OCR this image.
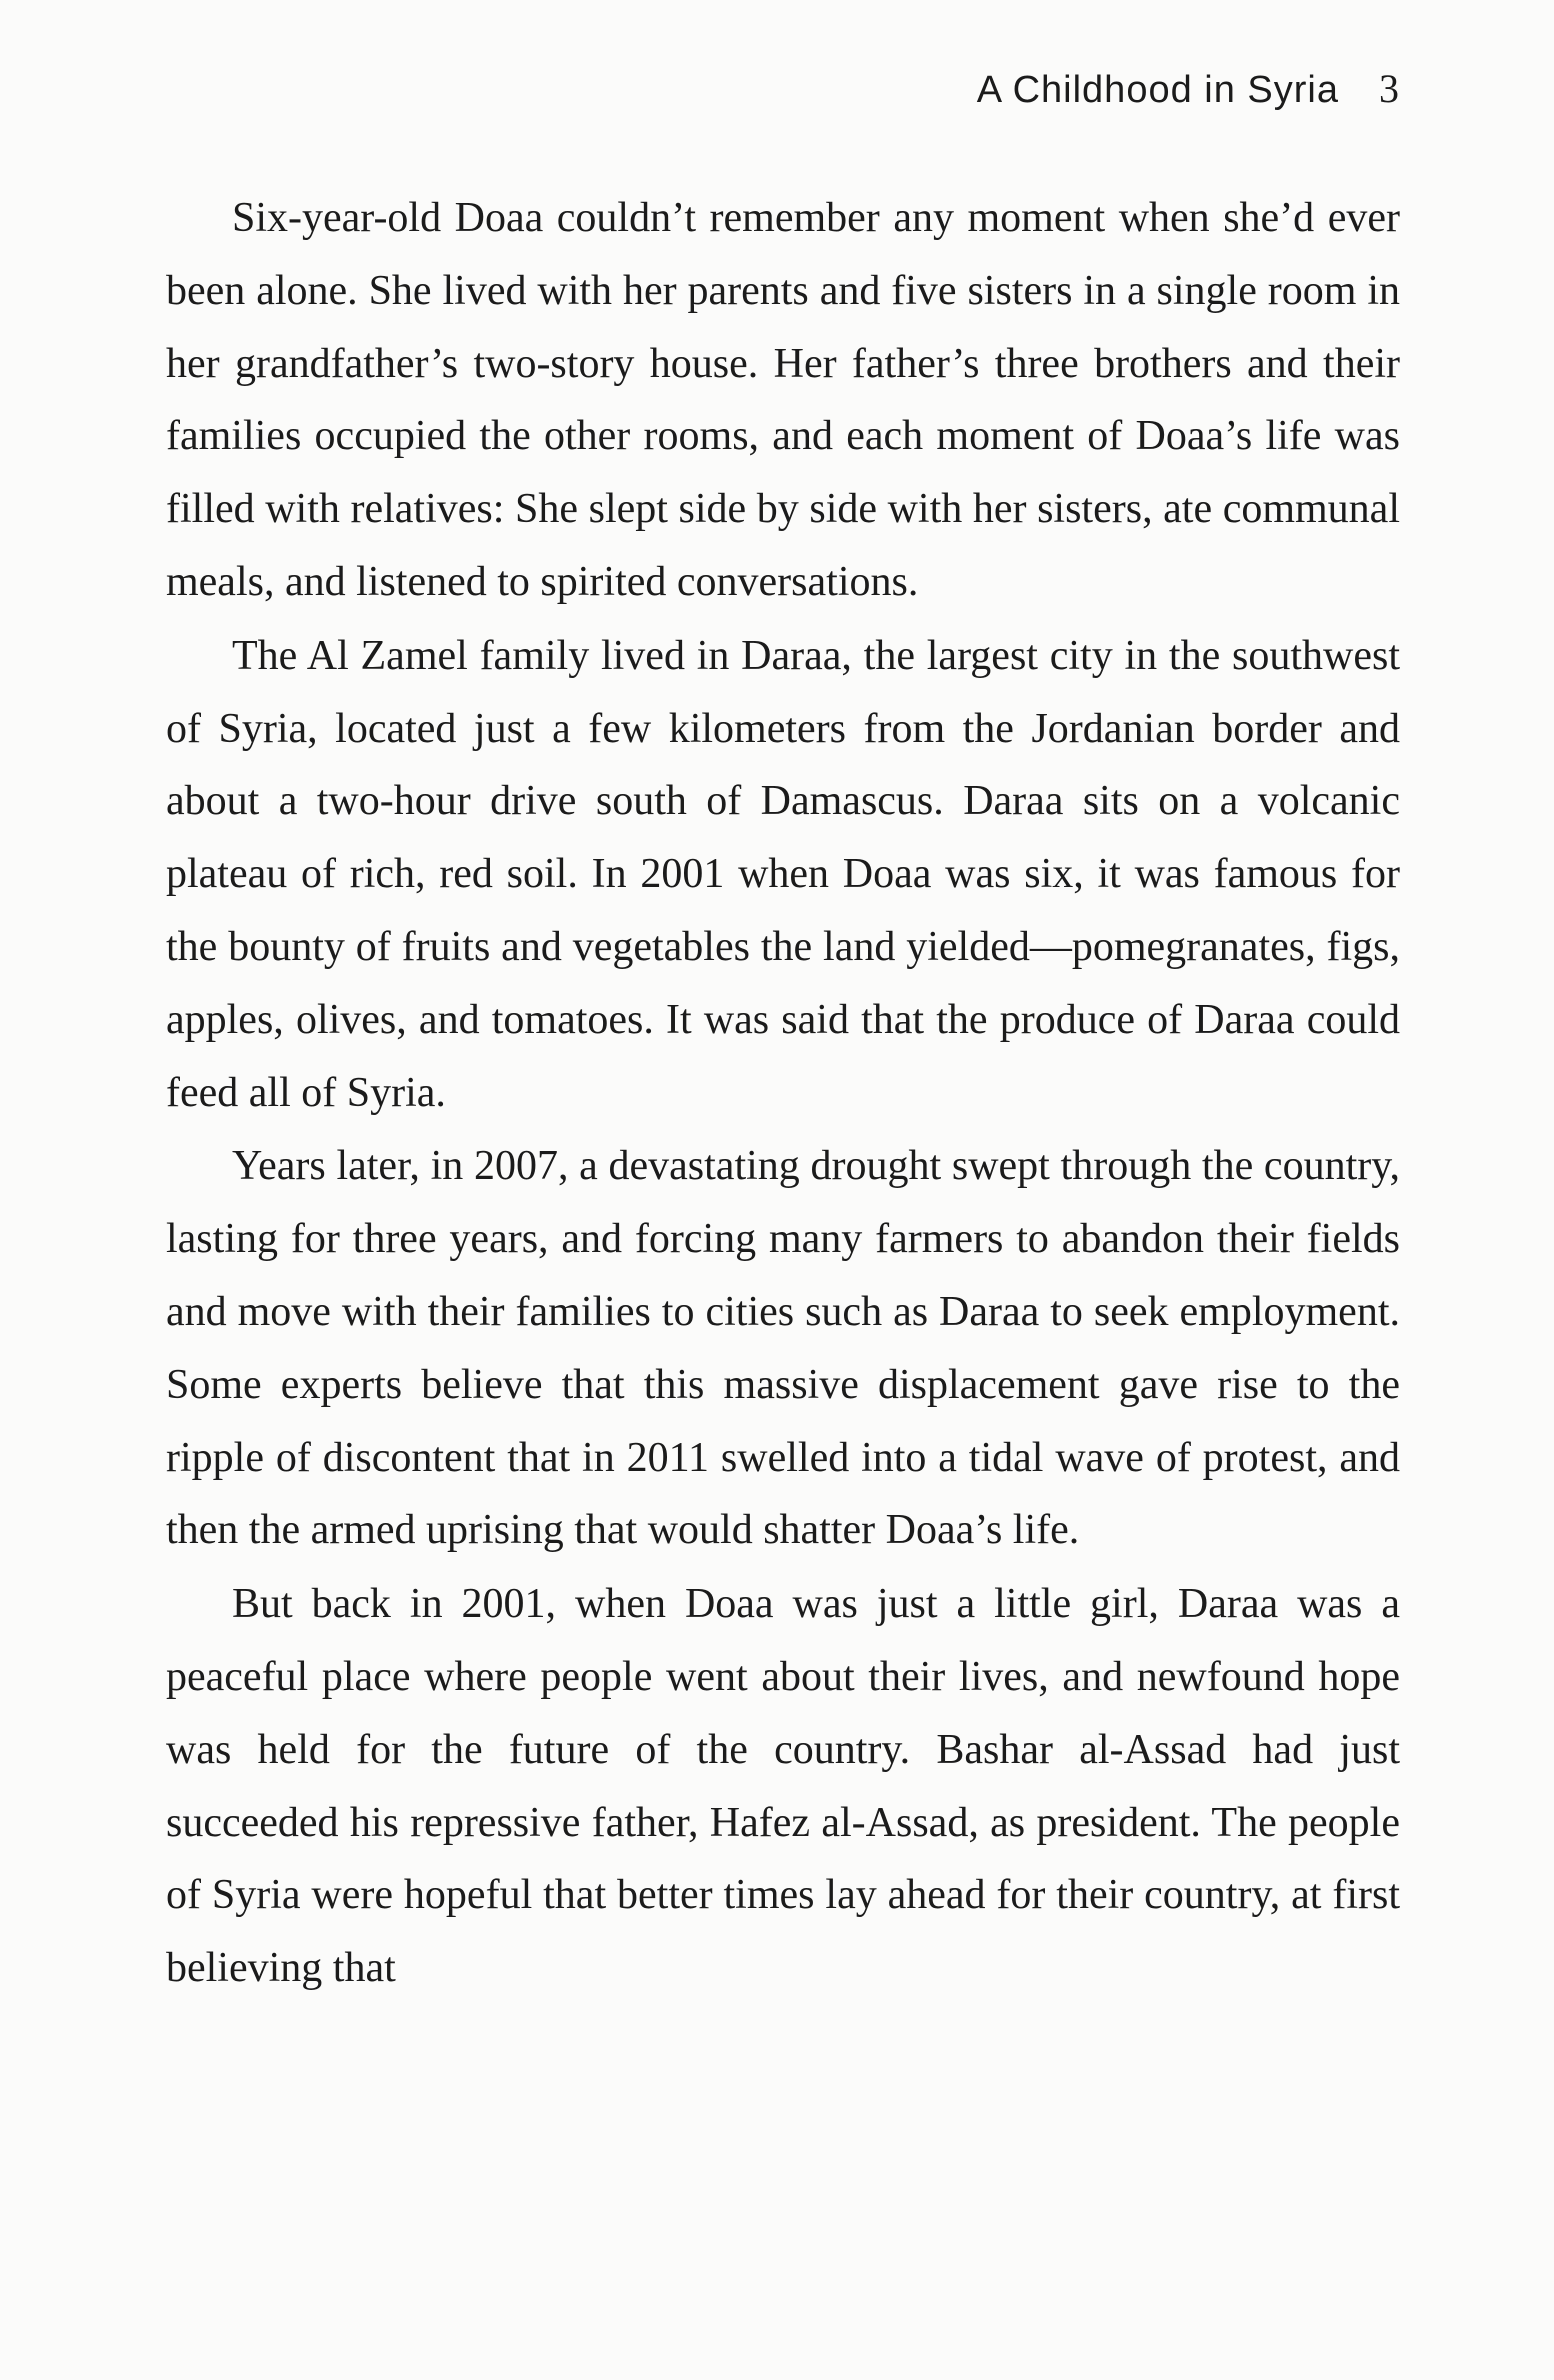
A Childhood in Syria 3

Six-year-old Doaa couldn’t remember any moment when she’d ever been alone. She lived with her parents and five sisters in a single room in her grandfather’s two-story house. Her father’s three brothers and their families occupied the other rooms, and each moment of Doaa’s life was filled with relatives: She slept side by side with her sisters, ate communal meals, and listened to spirited conversations.

The Al Zamel family lived in Daraa, the largest city in the southwest of Syria, located just a few kilometers from the Jordanian border and about a two-hour drive south of Damascus. Daraa sits on a volcanic plateau of rich, red soil. In 2001 when Doaa was six, it was famous for the bounty of fruits and vegetables the land yielded—pomegranates, figs, apples, olives, and tomatoes. It was said that the produce of Daraa could feed all of Syria.

Years later, in 2007, a devastating drought swept through the country, lasting for three years, and forcing many farmers to abandon their fields and move with their families to cities such as Daraa to seek employment. Some experts believe that this massive displacement gave rise to the ripple of discontent that in 2011 swelled into a tidal wave of protest, and then the armed uprising that would shatter Doaa’s life.

But back in 2001, when Doaa was just a little girl, Daraa was a peaceful place where people went about their lives, and newfound hope was held for the future of the country. Bashar al-Assad had just succeeded his repressive father, Hafez al-Assad, as president. The people of Syria were hopeful that better times lay ahead for their country, at first believing that
